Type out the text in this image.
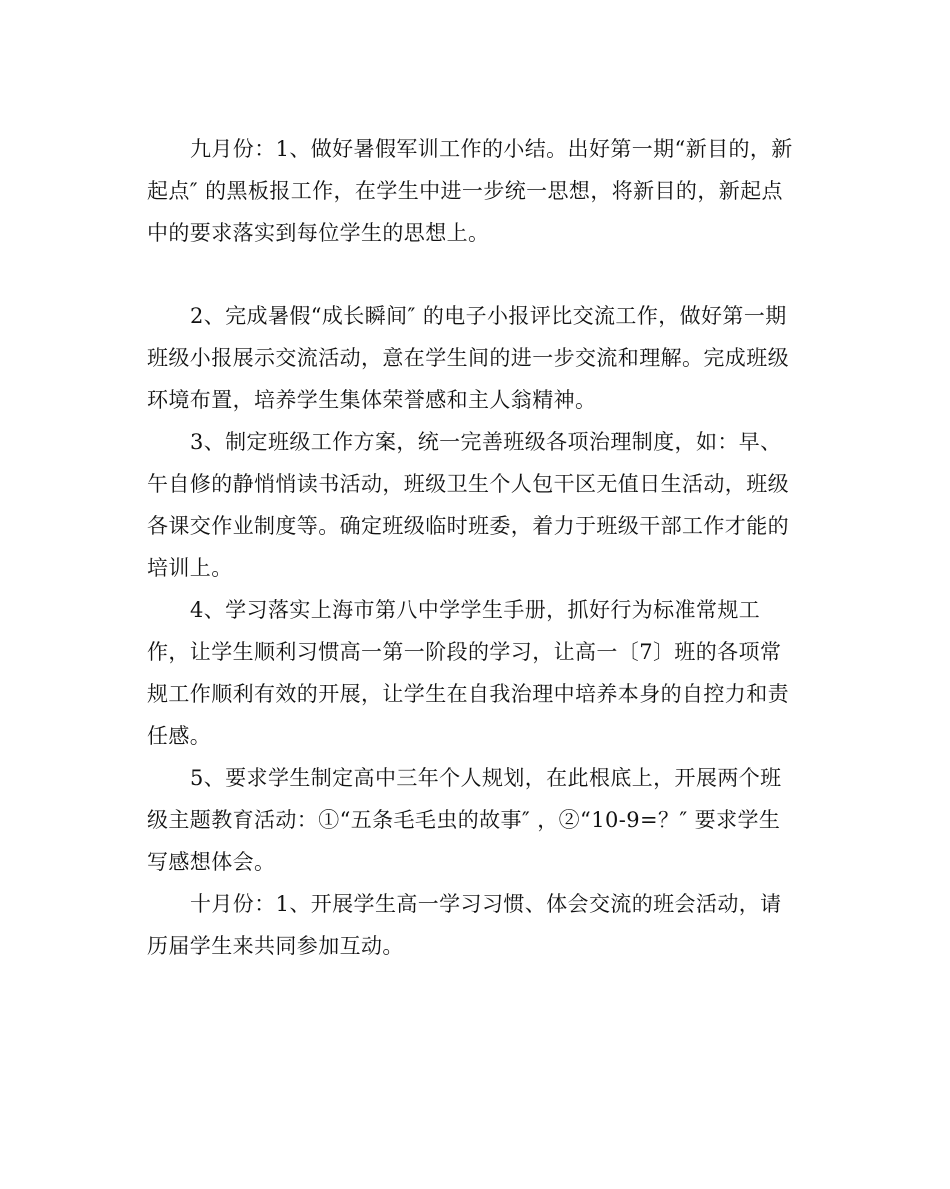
九月份：1、做好暑假军训工作的小结。出好第一期“新目的，新
起点″ 的黑板报工作，在学生中进一步统一思想，将新目的，新起点
中的要求落实到每位学生的思想上。
2、完成暑假“成长瞬间″ 的电子小报评比交流工作，做好第一期
班级小报展示交流活动，意在学生间的进一步交流和理解。完成班级
环境布置，培养学生集体荣誉感和主人翁精神。
3、制定班级工作方案，统一完善班级各项治理制度，如：早、
午自修的静悄悄读书活动，班级卫生个人包干区无值日生活动，班级
各课交作业制度等。确定班级临时班委，着力于班级干部工作才能的
培训上。
4、学习落实上海市第八中学学生手册，抓好行为标准常规工
作，让学生顺利习惯高一第一阶段的学习，让高一〔7〕班的各项常
规工作顺利有效的开展，让学生在自我治理中培养本身的自控力和责
任感。
5、要求学生制定高中三年个人规划，在此根底上，开展两个班
级主题教育活动：①“五条毛毛虫的故事″ ，②“10-9=？″ 要求学生
写感想体会。
十月份：1、开展学生高一学习习惯、体会交流的班会活动，请
历届学生来共同参加互动。
